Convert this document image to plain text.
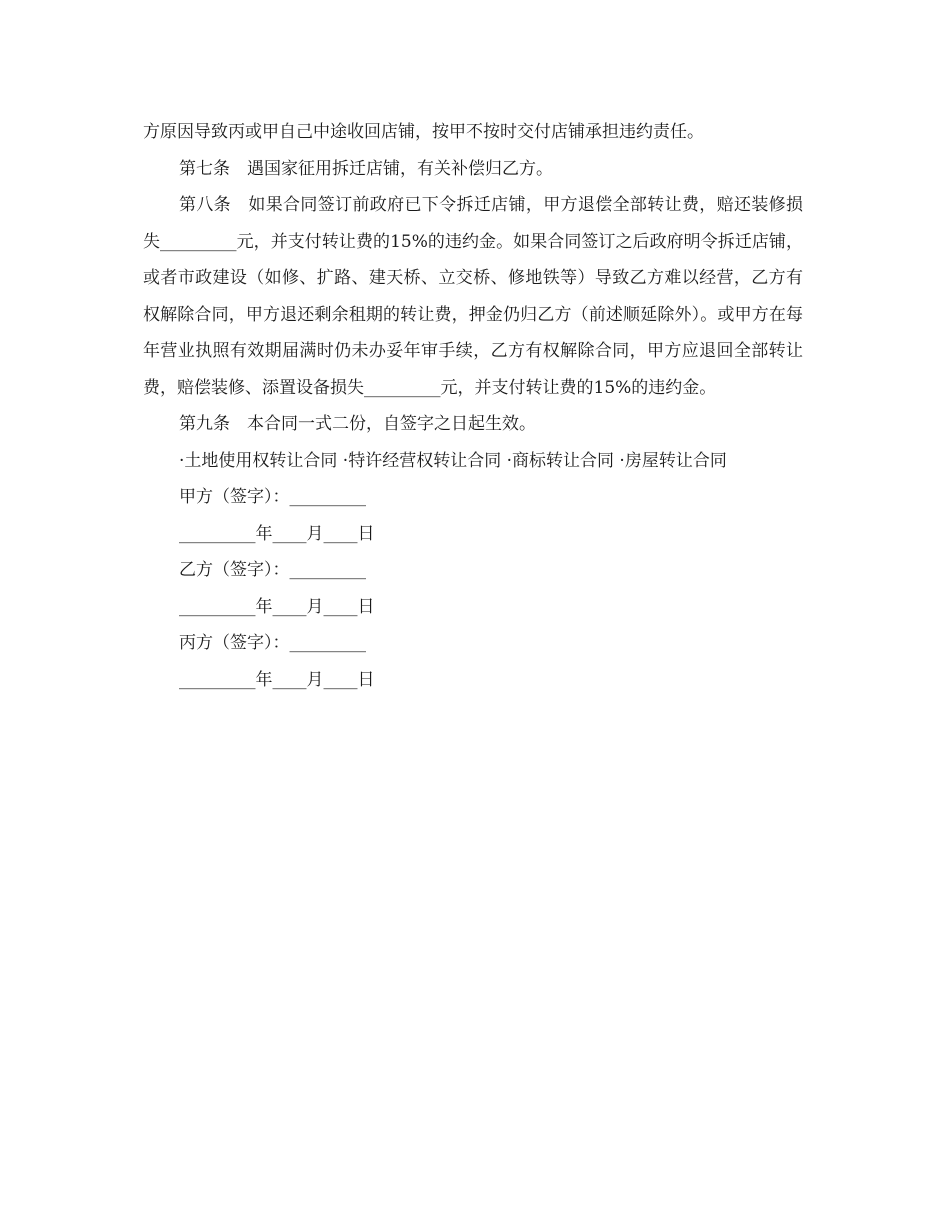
方原因导致丙或甲自己中途收回店铺，按甲不按时交付店铺承担违约责任。

第七条　遇国家征用拆迁店铺，有关补偿归乙方。

第八条　如果合同签订前政府已下令拆迁店铺，甲方退偿全部转让费，赔还装修损失_________元，并支付转让费的15%的违约金。如果合同签订之后政府明令拆迁店铺，或者市政建设（如修、扩路、建天桥、立交桥、修地铁等）导致乙方难以经营，乙方有权解除合同，甲方退还剩余租期的转让费，押金仍归乙方（前述顺延除外）。或甲方在每年营业执照有效期届满时仍未办妥年审手续，乙方有权解除合同，甲方应退回全部转让费，赔偿装修、添置设备损失_________元，并支付转让费的15%的违约金。

第九条　本合同一式二份，自签字之日起生效。

·土地使用权转让合同 ·特许经营权转让合同 ·商标转让合同 ·房屋转让合同

甲方（签字）：_________

_________年____月____日

乙方（签字）：_________

_________年____月____日

丙方（签字）：_________

_________年____月____日
